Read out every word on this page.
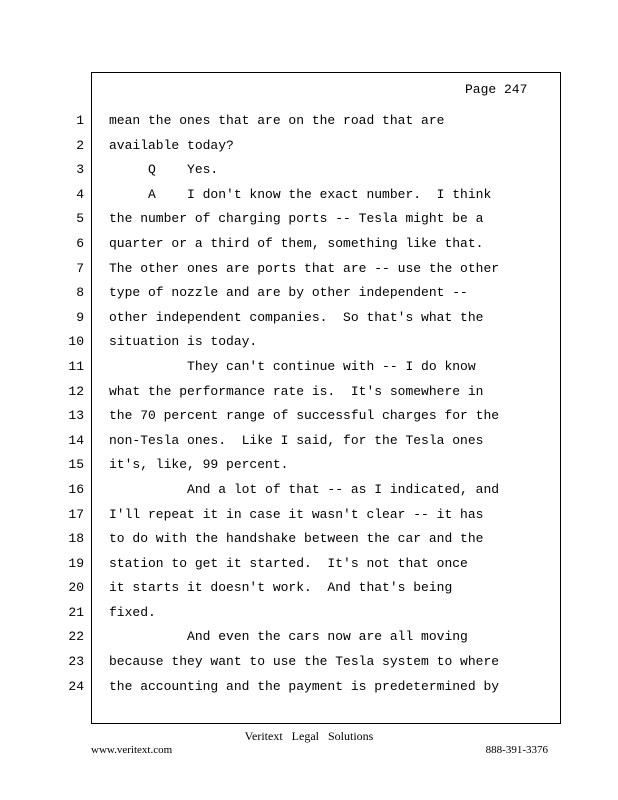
Page 247
1
2
3
4
5
6
7
8
9
10
11
12
13
14
15
16
17
18
19
20
21
22
23
24
mean the ones that are on the road that are
available today?
Q    Yes.
A    I don't know the exact number.  I think
the number of charging ports -- Tesla might be a
quarter or a third of them, something like that.
The other ones are ports that are -- use the other
type of nozzle and are by other independent --
other independent companies.  So that's what the
situation is today.
They can't continue with -- I do know
what the performance rate is.  It's somewhere in
the 70 percent range of successful charges for the
non-Tesla ones.  Like I said, for the Tesla ones
it's, like, 99 percent.
And a lot of that -- as I indicated, and
I'll repeat it in case it wasn't clear -- it has
to do with the handshake between the car and the
station to get it started.  It's not that once
it starts it doesn't work.  And that's being
fixed.
And even the cars now are all moving
because they want to use the Tesla system to where
the accounting and the payment is predetermined by
Veritext   Legal   Solutions
www.veritext.com	888-391-3376
